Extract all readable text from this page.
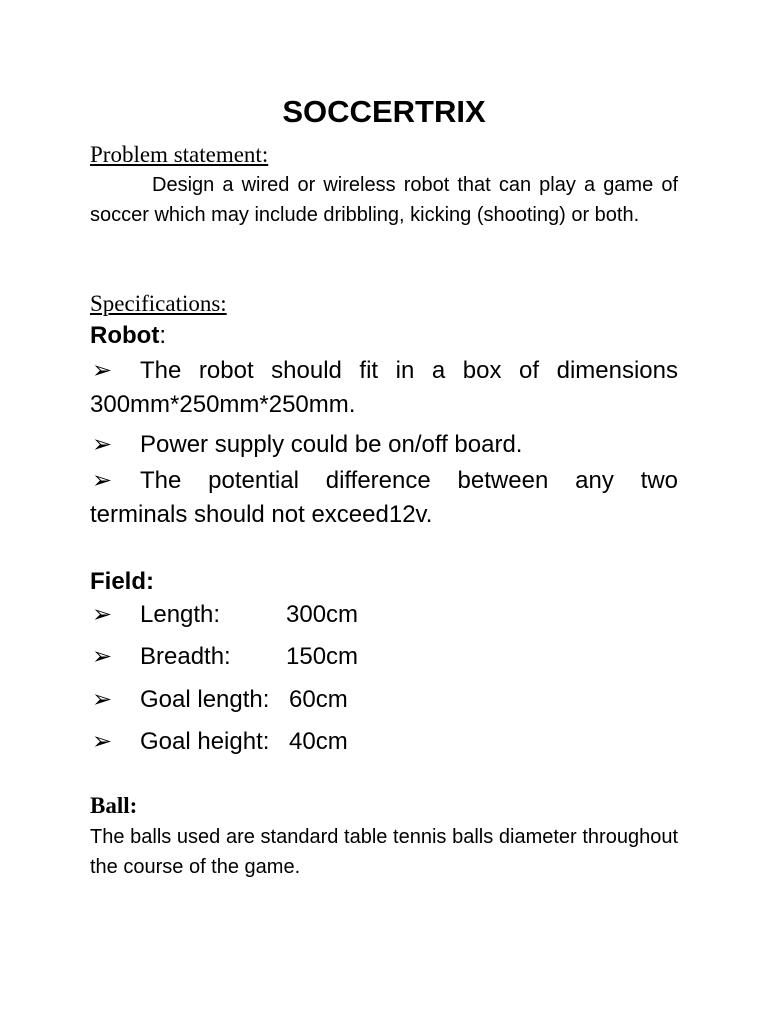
SOCCERTRIX
Problem statement:
Design a wired or wireless robot that can play a game of soccer which may include dribbling, kicking (shooting) or both.
Specifications:
Robot:
➢	The robot should fit in a box of dimensions
300mm*250mm*250mm.
➢	Power supply could be on/off board.
➢	The potential difference between any two
terminals should not exceed12v.
Field:
➢ Length:	300cm
➢ Breadth: 150cm
➢ Goal length: 60cm
➢ Goal height: 40cm
Ball:
The balls used are standard table tennis balls diameter throughout the course of the game.
